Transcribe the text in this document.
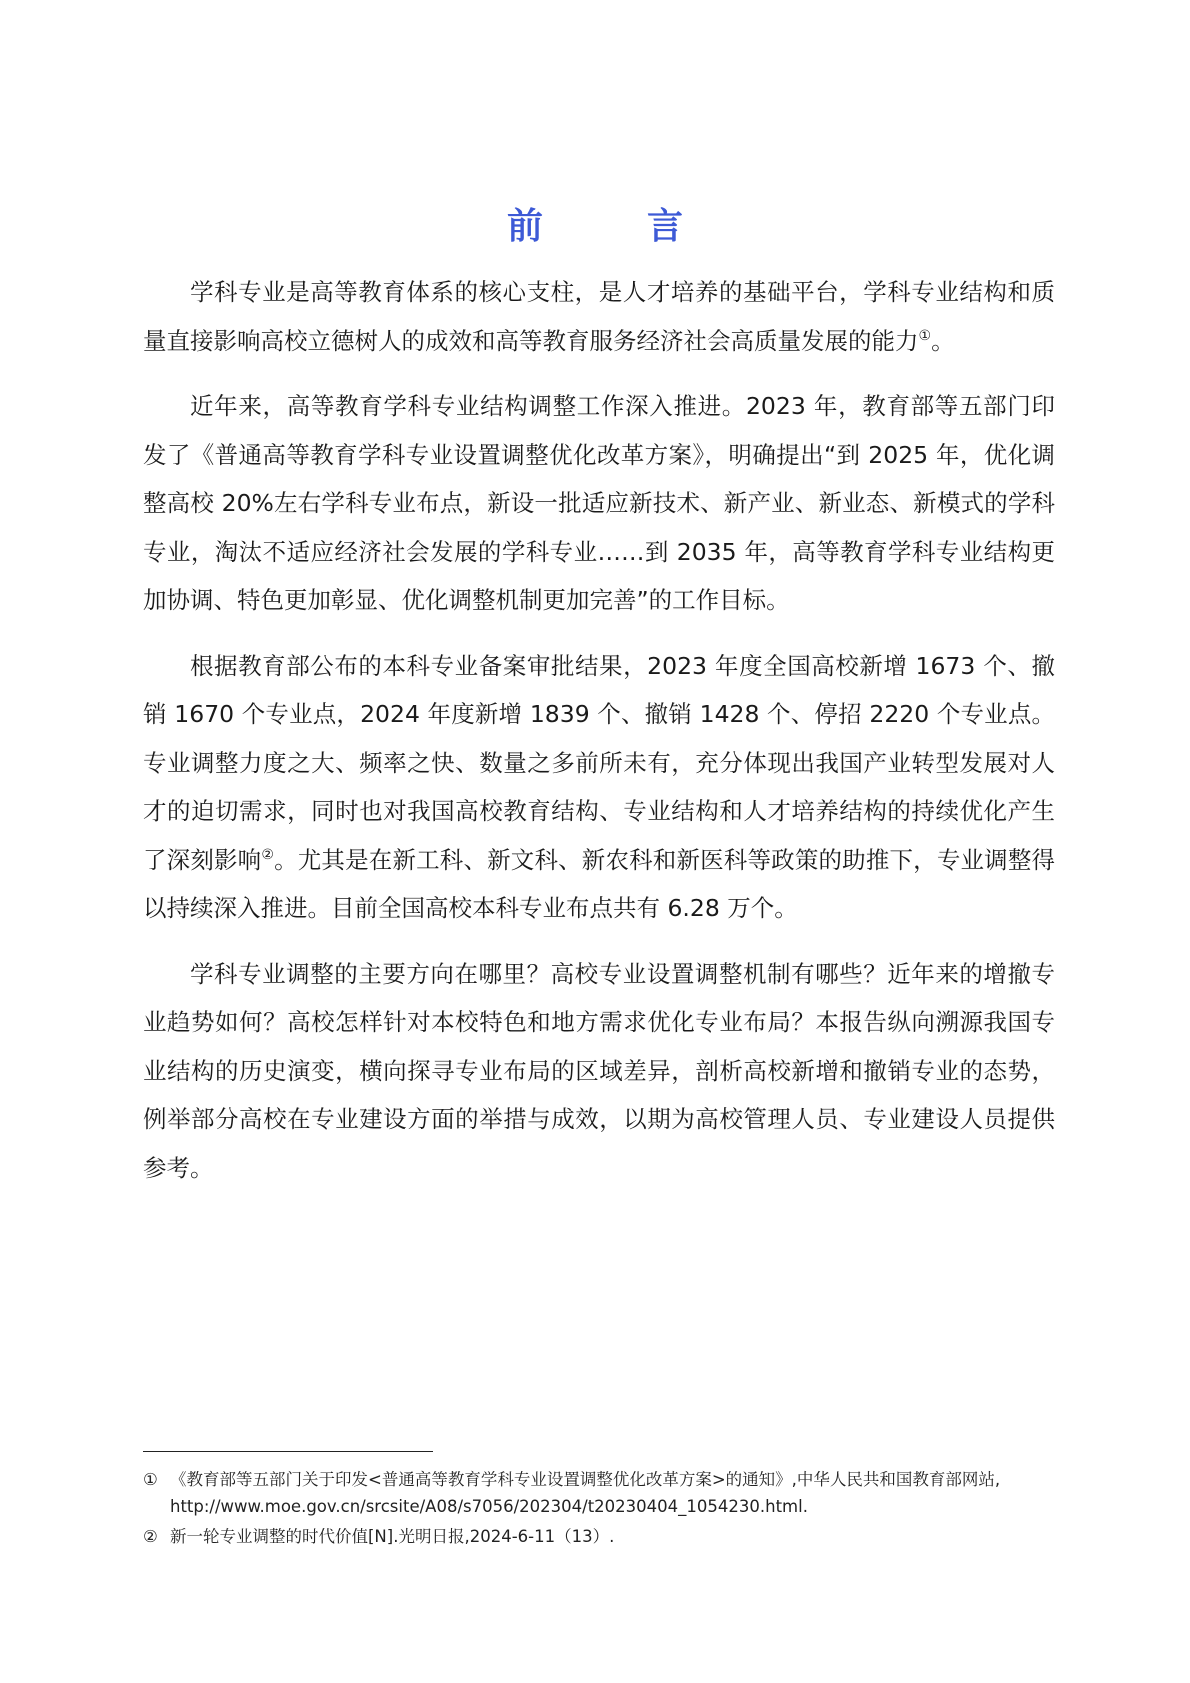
前　言

学科专业是高等教育体系的核心支柱，是人才培养的基础平台，学科专业结构和质量直接影响高校立德树人的成效和高等教育服务经济社会高质量发展的能力①。

近年来，高等教育学科专业结构调整工作深入推进。2023 年，教育部等五部门印发了《普通高等教育学科专业设置调整优化改革方案》，明确提出“到 2025 年，优化调整高校 20%左右学科专业布点，新设一批适应新技术、新产业、新业态、新模式的学科专业，淘汰不适应经济社会发展的学科专业……到 2035 年，高等教育学科专业结构更加协调、特色更加彰显、优化调整机制更加完善”的工作目标。

根据教育部公布的本科专业备案审批结果，2023 年度全国高校新增 1673 个、撤销 1670 个专业点，2024 年度新增 1839 个、撤销 1428 个、停招 2220 个专业点。专业调整力度之大、频率之快、数量之多前所未有，充分体现出我国产业转型发展对人才的迫切需求，同时也对我国高校教育结构、专业结构和人才培养结构的持续优化产生了深刻影响②。尤其是在新工科、新文科、新农科和新医科等政策的助推下，专业调整得以持续深入推进。目前全国高校本科专业布点共有 6.28 万个。

学科专业调整的主要方向在哪里？高校专业设置调整机制有哪些？近年来的增撤专业趋势如何？高校怎样针对本校特色和地方需求优化专业布局？本报告纵向溯源我国专业结构的历史演变，横向探寻专业布局的区域差异，剖析高校新增和撤销专业的态势，例举部分高校在专业建设方面的举措与成效，以期为高校管理人员、专业建设人员提供参考。

① 《教育部等五部门关于印发<普通高等教育学科专业设置调整优化改革方案>的通知》,中华人民共和国教育部网站,
http://www.moe.gov.cn/srcsite/A08/s7056/202304/t20230404_1054230.html.
② 新一轮专业调整的时代价值[N].光明日报,2024-6-11（13）.
